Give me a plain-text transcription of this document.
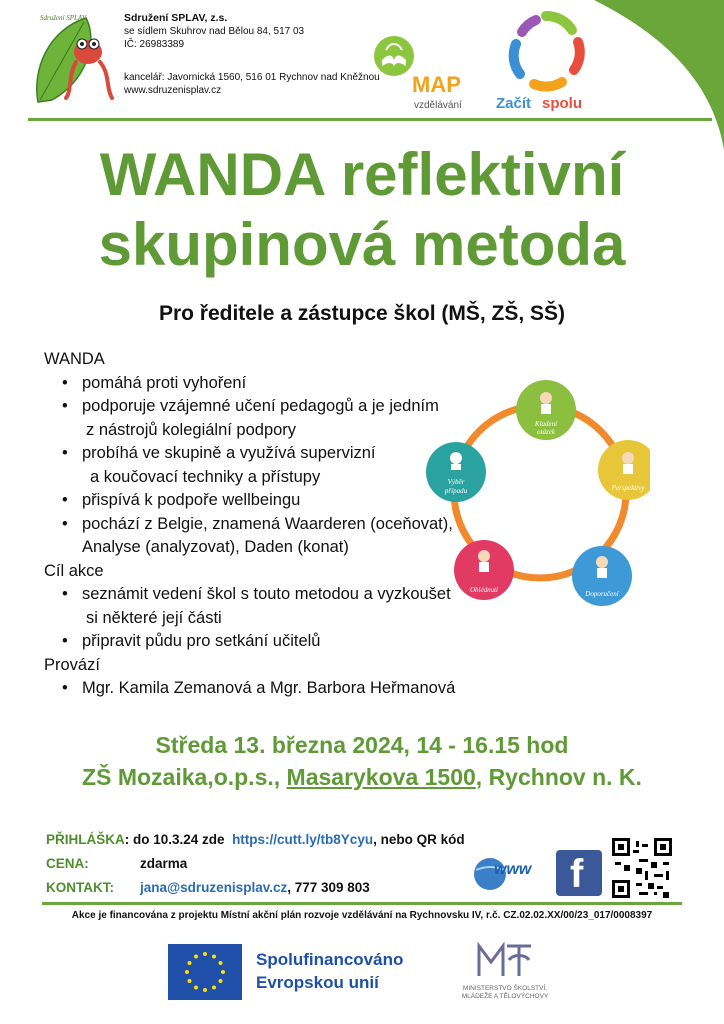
Sdružení SPLAV	Sdružení SPLAV, z.s.
se sídlem Skuhrov nad Bělou 84, 517 03
IČ: 26983389
kancelář: Javornická 1560, 516 01 Rychnov nad Kněžnou
www.sdruzenisplav.cz	MAP
vzdělávání Začít spolu
WANDA reflektivní
skupinová metoda
Pro ředitele a zástupce škol (MŠ, ZŠ, SŠ)
WANDA
• pomáhá proti vyhoření
• podporuje vzájemné učení pedagogů a je jedním
z nástrojů kolegiální podpory
• probíhá ve skupině a využívá supervizní
a koučovací techniky a přístupy
• přispívá k podpoře wellbeingu
• pochází z Belgie, znamená Waarderen (oceňovat),
Analyse (analyzovat), Daden (konat)
Cíl akce
• seznámit vedení škol s touto metodou a vyzkoušet
si některé její části
• připravit půdu pro setkání učitelů
Provází
• Mgr. Kamila Zemanová a Mgr. Barbora Heřmanová
Kladení
otázek
Perspektivy
Doporučení
Ohlédnutí
Výběr
případu
Středa 13. března 2024, 14 - 16.15 hod
ZŠ Mozaika,o.p.s., Masarykova 1500, Rychnov n. K.
PŘIHLÁŠKA : do 10.3.24 zde https://cutt.ly/tb8Ycyu , nebo QR kód
CENA:	zdarma
KONTAKT:	jana@sdruzenisplav.cz , 777 309 803
www f
Akce je financována z projektu Místní akční plán rozvoje vzdělávání na Rychnovsku IV, r.č. CZ.02.02.XX/00/23_017/0008397
Spolufinancováno
Evropskou unií	MINISTERSTVO ŠKOLSTVÍ,
MLÁDEŽE A TĚLOVÝCHOVY
